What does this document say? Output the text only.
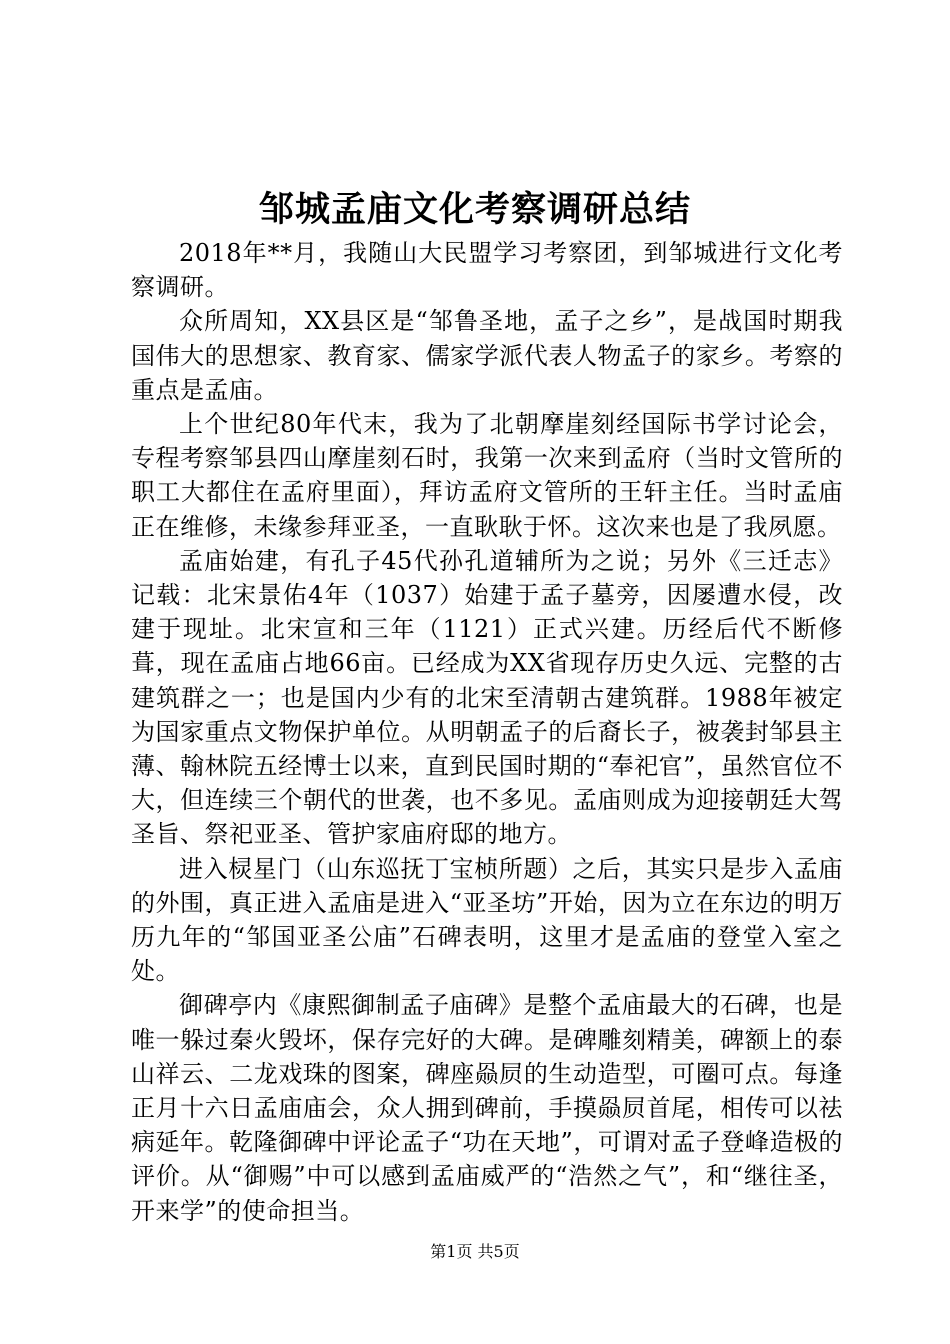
邹城孟庙文化考察调研总结

2018年**月，我随山大民盟学习考察团，到邹城进行文化考察调研。

众所周知，XX县区是“邹鲁圣地，孟子之乡”，是战国时期我国伟大的思想家、教育家、儒家学派代表人物孟子的家乡。考察的重点是孟庙。

上个世纪80年代末，我为了北朝摩崖刻经国际书学讨论会，专程考察邹县四山摩崖刻石时，我第一次来到孟府（当时文管所的职工大都住在孟府里面），拜访孟府文管所的王轩主任。当时孟庙正在维修，未缘参拜亚圣，一直耿耿于怀。这次来也是了我夙愿。

孟庙始建，有孔子45代孙孔道辅所为之说；另外《三迁志》记载：北宋景佑4年（1037）始建于孟子墓旁，因屡遭水侵，改建于现址。北宋宣和三年（1121）正式兴建。历经后代不断修葺，现在孟庙占地66亩。已经成为XX省现存历史久远、完整的古建筑群之一；也是国内少有的北宋至清朝古建筑群。1988年被定为国家重点文物保护单位。从明朝孟子的后裔长子，被袭封邹县主薄、翰林院五经博士以来，直到民国时期的“奉祀官”，虽然官位不大，但连续三个朝代的世袭，也不多见。孟庙则成为迎接朝廷大驾圣旨、祭祀亚圣、管护家庙府邸的地方。

进入棂星门（山东巡抚丁宝桢所题）之后，其实只是步入孟庙的外围，真正进入孟庙是进入“亚圣坊”开始，因为立在东边的明万历九年的“邹国亚圣公庙”石碑表明，这里才是孟庙的登堂入室之处。

御碑亭内《康熙御制孟子庙碑》是整个孟庙最大的石碑，也是唯一躲过秦火毁坏，保存完好的大碑。是碑雕刻精美，碑额上的泰山祥云、二龙戏珠的图案，碑座赑屃的生动造型，可圈可点。每逢正月十六日孟庙庙会，众人拥到碑前，手摸赑屃首尾，相传可以祛病延年。乾隆御碑中评论孟子“功在天地”，可谓对孟子登峰造极的评价。从“御赐”中可以感到孟庙威严的“浩然之气”，和“继往圣，开来学”的使命担当。

第1页 共5页
